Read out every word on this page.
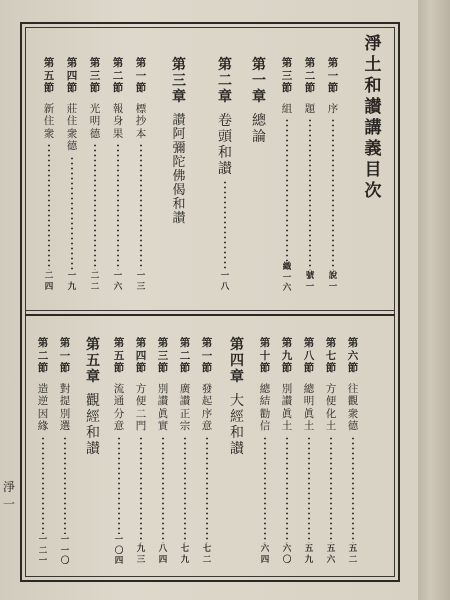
淨
土
和
讃
講
義
目
次
第
一
節
序
說
一
第
二
節
題
號
一
第
三
節
組
織
一
六
第
一
章
總
論
第
二
章
卷
頭
和
讃
一
八
第
三
章
讃
阿
彌
陀
佛
偈
和
讃
第
一
節
標
抄
本
一
三
第
二
節
報
身
果
一
六
第
三
節
光
明
德
二
二
第
四
節
莊
住
衆
德
一
九
第
五
節
新
住
衆
二
四
第
六
節
往
觀
衆
德
五
二
第
七
節
方
便
化
土
五
六
第
八
節
總
明
眞
土
五
九
第
九
節
別
讃
眞
土
六
〇
第
十
節
總
結
勸
信
六
四
第
四
章
大
經
和
讃
第
一
節
發
起
序
意
七
二
第
二
節
廣
讃
正
宗
七
九
第
三
節
別
讃
眞
實
八
四
第
四
節
方
便
二
門
九
三
第
五
節
流
通
分
意
一
〇
四
第
五
章
觀
經
和
讃
第
一
節
對
提
別
選
一
一
〇
第
二
節
造
逆
因
緣
一
二
一
淨
一
